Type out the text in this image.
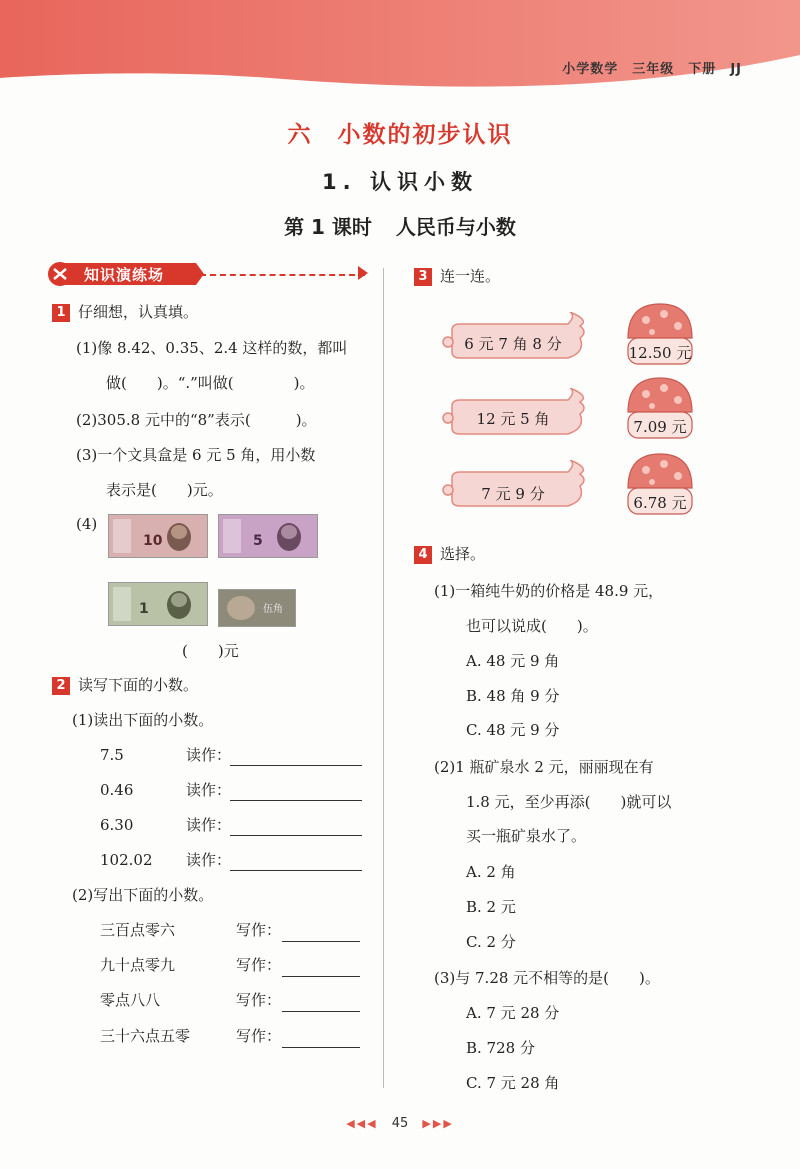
小学数学 三年级 下册 JJ
六　小数的初步认识
1. 认识小数
第 1 课时 人民币与小数
知识演练场
1 仔细想，认真填。
(1)像 8.42、0.35、2.4 这样的数，都叫
做(　　)。“.”叫做(　　　　)。
(2)305.8 元中的“8”表示(　　　)。
(3)一个文具盒是 6 元 5 角，用小数
表示是(　　)元。
(4)
10	5
1	伍角
(　　)元
2 读写下面的小数。
(1)读出下面的小数。
7.5	读作：
0.46	读作：
6.30	读作：
102.02 读作：
(2)写出下面的小数。
三百点零六	写作：
九十点零九	写作：
零点八八	写作：
三十六点五零	写作：
3 连一连。
6 元 7 角 8 分
12 元 5 角
7 元 9 分
12.50 元
7.09 元
6.78 元
4 选择。
(1)一箱纯牛奶的价格是 48.9 元，
也可以说成(　　)。
A. 48 元 9 角
B. 48 角 9 分
C. 48 元 9 分
(2)1 瓶矿泉水 2 元，丽丽现在有
1.8 元，至少再添(　　)就可以
买一瓶矿泉水了。
A. 2 角
B. 2 元
C. 2 分
(3)与 7.28 元不相等的是(　　)。
A. 7 元 28 分
B. 728 分
C. 7 元 28 角
◀◀◀ 45 ▶▶▶
